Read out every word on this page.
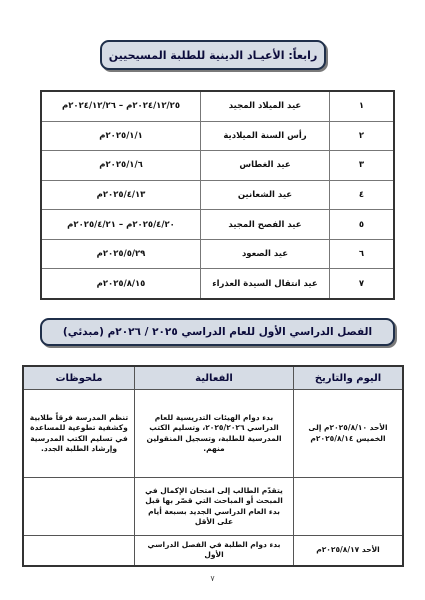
رابعاً: الأعيـاد الدينية للطلبة المسيحيين
١	عيد الميلاد المجيد	٢٠٢٤/١٢/٢٥م – ٢٠٢٤/١٢/٢٦م
٢	رأس السنة الميلادية	٢٠٢٥/١/١م
٣	عيد الغطاس	٢٠٢٥/١/٦م
٤	عيد الشعانين	٢٠٢٥/٤/١٣م
٥	عيد الفصح المجيد	٢٠٢٥/٤/٢٠م – ٢٠٢٥/٤/٢١م
٦	عيد الصعود	٢٠٢٥/٥/٢٩م
٧	عيد انتقال السيدة العذراء	٢٠٢٥/٨/١٥م
الفصل الدراسي الأول للعام الدراسي ٢٠٢٥ / ٢٠٢٦م (مبدئي)
اليوم والتاريخ	الفعالية	ملحوظات
الأحد ٢٠٢٥/٨/١٠م إلى الخميس ٢٠٢٥/٨/١٤م	بدء دوام الهيئات التدريسية للعام الدراسي ٢٠٢٥/٢٠٢٦، وتسليم الكتب المدرسية للطلبة، وتسجيل المنقولين منهم.	تنظم المدرسة فرقاً طلابية وكشفية تطوعية للمساعدة في تسليم الكتب المدرسية وإرشاد الطلبة الجدد.
	يتقدّم الطالب إلى امتحان الإكمال في المبحث أو المباحث التي قصّر بها قبل بدء العام الدراسي الجديد بسبعة أيام على الأقل	
الأحد ٢٠٢٥/٨/١٧م	بدء دوام الطلبة في الفصل الدراسي الأول	
٧
